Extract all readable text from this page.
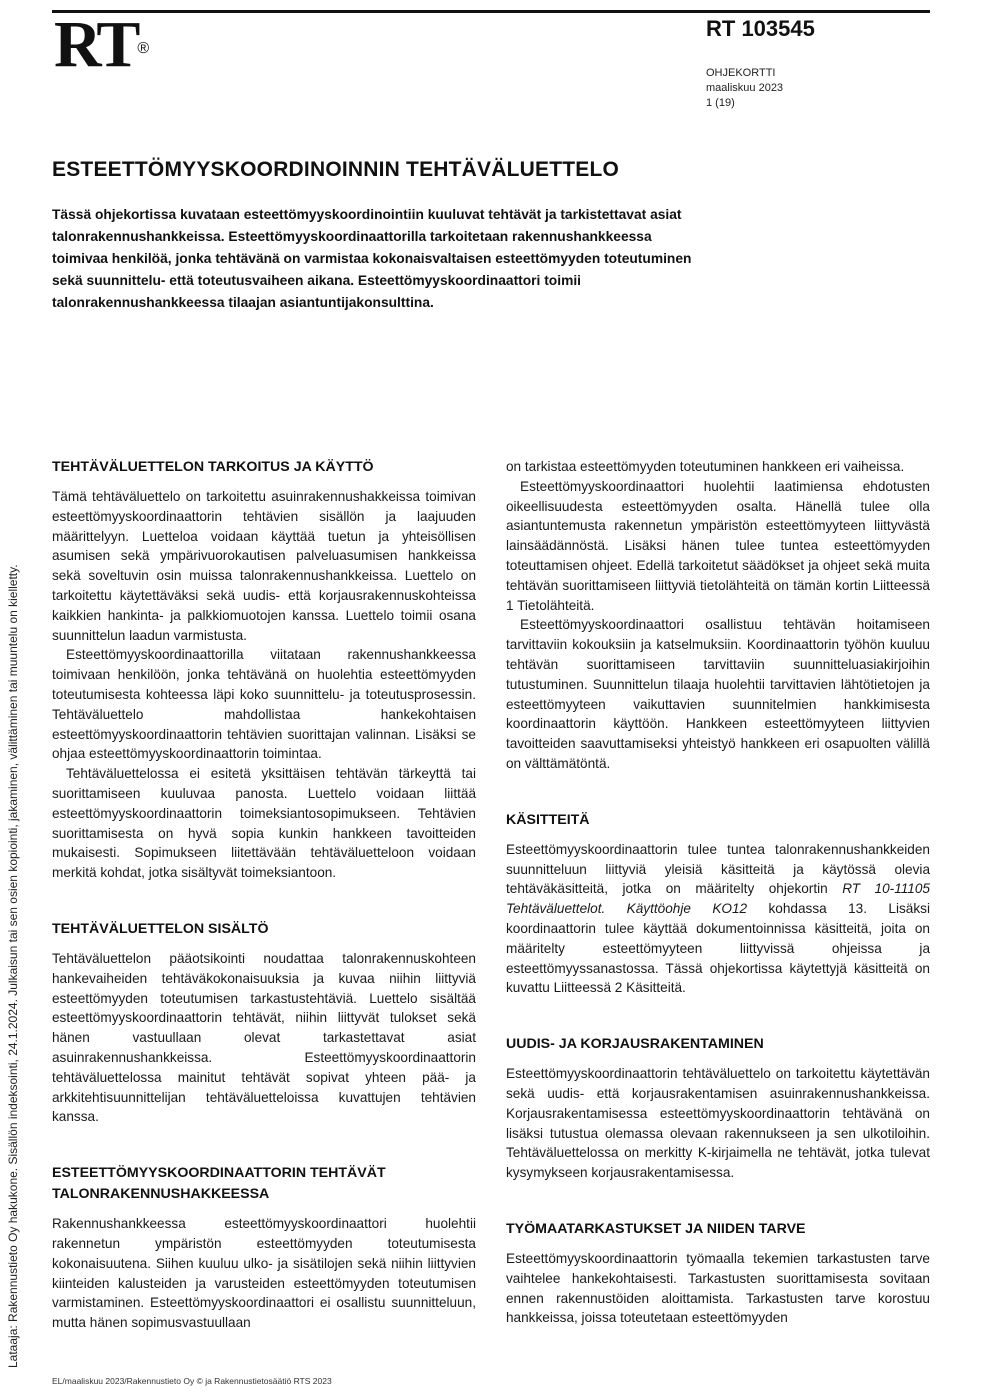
RT®
RT 103545
OHJEKORTTI
maaliskuu 2023
1 (19)
ESTEETTÖMYYSKOORDINOINNIN TEHTÄVÄLUETTELO

Tässä ohjekortissa kuvataan esteettömyyskoordinointiin kuuluvat tehtävät ja tarkistettavat asiat talonrakennushankkeissa. Esteettömyyskoordinaattorilla tarkoitetaan rakennushankkeessa toimivaa henkilöä, jonka tehtävänä on varmistaa kokonaisvaltaisen esteettömyyden toteutuminen sekä suunnittelu- että toteutusvaiheen aikana. Esteettömyyskoordinaattori toimii talonrakennushankkeessa tilaajan asiantuntijakonsulttina.

Lataaja: Rakennustieto Oy hakukone. Sisällön indeksointi, 24.1.2024. Julkaisun tai sen osien kopiointi, jakaminen, välittäminen tai muuntelu on kielletty.
TEHTÄVÄLUETTELON TARKOITUS JA KÄYTTÖ

Tämä tehtäväluettelo on tarkoitettu asuinrakennushakkeissa toimivan esteettömyyskoordinaattorin tehtävien sisällön ja laajuuden määrittelyyn. Luetteloa voidaan käyttää tuetun ja yhteisöllisen asumisen sekä ympärivuorokautisen palveluasumisen hankkeissa sekä soveltuvin osin muissa talonrakennushankkeissa. Luettelo on tarkoitettu käytettäväksi sekä uudis- että korjausrakennuskohteissa kaikkien hankinta- ja palkkiomuotojen kanssa. Luettelo toimii osana suunnittelun laadun varmistusta.

Esteettömyyskoordinaattorilla viitataan rakennushankkeessa toimivaan henkilöön, jonka tehtävänä on huolehtia esteettömyyden toteutumisesta kohteessa läpi koko suunnittelu- ja toteutusprosessin. Tehtäväluettelo mahdollistaa hankekohtaisen esteettömyyskoordinaattorin tehtävien suorittajan valinnan. Lisäksi se ohjaa esteettömyyskoordinaattorin toimintaa.

Tehtäväluettelossa ei esitetä yksittäisen tehtävän tärkeyttä tai suorittamiseen kuuluvaa panosta. Luettelo voidaan liittää esteettömyyskoordinaattorin toimeksiantosopimukseen. Tehtävien suorittamisesta on hyvä sopia kunkin hankkeen tavoitteiden mukaisesti. Sopimukseen liitettävään tehtäväluetteloon voidaan merkitä kohdat, jotka sisältyvät toimeksiantoon.

TEHTÄVÄLUETTELON SISÄLTÖ

Tehtäväluettelon pääotsikointi noudattaa talonrakennuskohteen hankevaiheiden tehtäväkokonaisuuksia ja kuvaa niihin liittyviä esteettömyyden toteutumisen tarkastustehtäviä. Luettelo sisältää esteettömyyskoordinaattorin tehtävät, niihin liittyvät tulokset sekä hänen vastuullaan olevat tarkastettavat asiat asuinrakennushankkeissa. Esteettömyyskoordinaattorin tehtäväluettelossa mainitut tehtävät sopivat yhteen pää- ja arkkitehtisuunnittelijan tehtäväluetteloissa kuvattujen tehtävien kanssa.

ESTEETTÖMYYSKOORDINAATTORIN TEHTÄVÄT
TALONRAKENNUSHAKKEESSA

Rakennushankkeessa esteettömyyskoordinaattori huolehtii rakennetun ympäristön esteettömyyden toteutumisesta kokonaisuutena. Siihen kuuluu ulko- ja sisätilojen sekä niihin liittyvien kiinteiden kalusteiden ja varusteiden esteettömyyden toteutumisen varmistaminen. Esteettömyyskoordinaattori ei osallistu suunnitteluun, mutta hänen sopimusvastuullaan

on tarkistaa esteettömyyden toteutuminen hankkeen eri vaiheissa.

Esteettömyyskoordinaattori huolehtii laatimiensa ehdotusten oikeellisuudesta esteettömyyden osalta. Hänellä tulee olla asiantuntemusta rakennetun ympäristön esteettömyyteen liittyvästä lainsäädännöstä. Lisäksi hänen tulee tuntea esteettömyyden toteuttamisen ohjeet. Edellä tarkoitetut säädökset ja ohjeet sekä muita tehtävän suorittamiseen liittyviä tietolähteitä on tämän kortin Liitteessä 1 Tietolähteitä.

Esteettömyyskoordinaattori osallistuu tehtävän hoitamiseen tarvittaviin kokouksiin ja katselmuksiin. Koordinaattorin työhön kuuluu tehtävän suorittamiseen tarvittaviin suunnitteluasiakirjoihin tutustuminen. Suunnittelun tilaaja huolehtii tarvittavien lähtötietojen ja esteettömyyteen vaikuttavien suunnitelmien hankkimisesta koordinaattorin käyttöön. Hankkeen esteettömyyteen liittyvien tavoitteiden saavuttamiseksi yhteistyö hankkeen eri osapuolten välillä on välttämätöntä.

KÄSITTEITÄ

Esteettömyyskoordinaattorin tulee tuntea talonrakennushankkeiden suunnitteluun liittyviä yleisiä käsitteitä ja käytössä olevia tehtäväkäsitteitä, jotka on määritelty ohjekortin RT 10-11105 Tehtäväluettelot. Käyttöohje KO12 kohdassa 13. Lisäksi koordinaattorin tulee käyttää dokumentoinnissa käsitteitä, joita on määritelty esteettömyyteen liittyvissä ohjeissa ja esteettömyyssanastossa. Tässä ohjekortissa käytettyjä käsitteitä on kuvattu Liitteessä 2 Käsitteitä.

UUDIS- JA KORJAUSRAKENTAMINEN

Esteettömyyskoordinaattorin tehtäväluettelo on tarkoitettu käytettävän sekä uudis- että korjausrakentamisen asuinrakennushankkeissa. Korjausrakentamisessa esteettömyyskoordinaattorin tehtävänä on lisäksi tutustua olemassa olevaan rakennukseen ja sen ulkotiloihin. Tehtäväluettelossa on merkitty K-kirjaimella ne tehtävät, jotka tulevat kysymykseen korjausrakentamisessa.

TYÖMAATARKASTUKSET JA NIIDEN TARVE

Esteettömyyskoordinaattorin työmaalla tekemien tarkastusten tarve vaihtelee hankekohtaisesti. Tarkastusten suorittamisesta sovitaan ennen rakennustöiden aloittamista. Tarkastusten tarve korostuu hankkeissa, joissa toteutetaan esteettömyyden

EL/maaliskuu 2023/Rakennustieto Oy © ja Rakennustietosäätiö RTS 2023
